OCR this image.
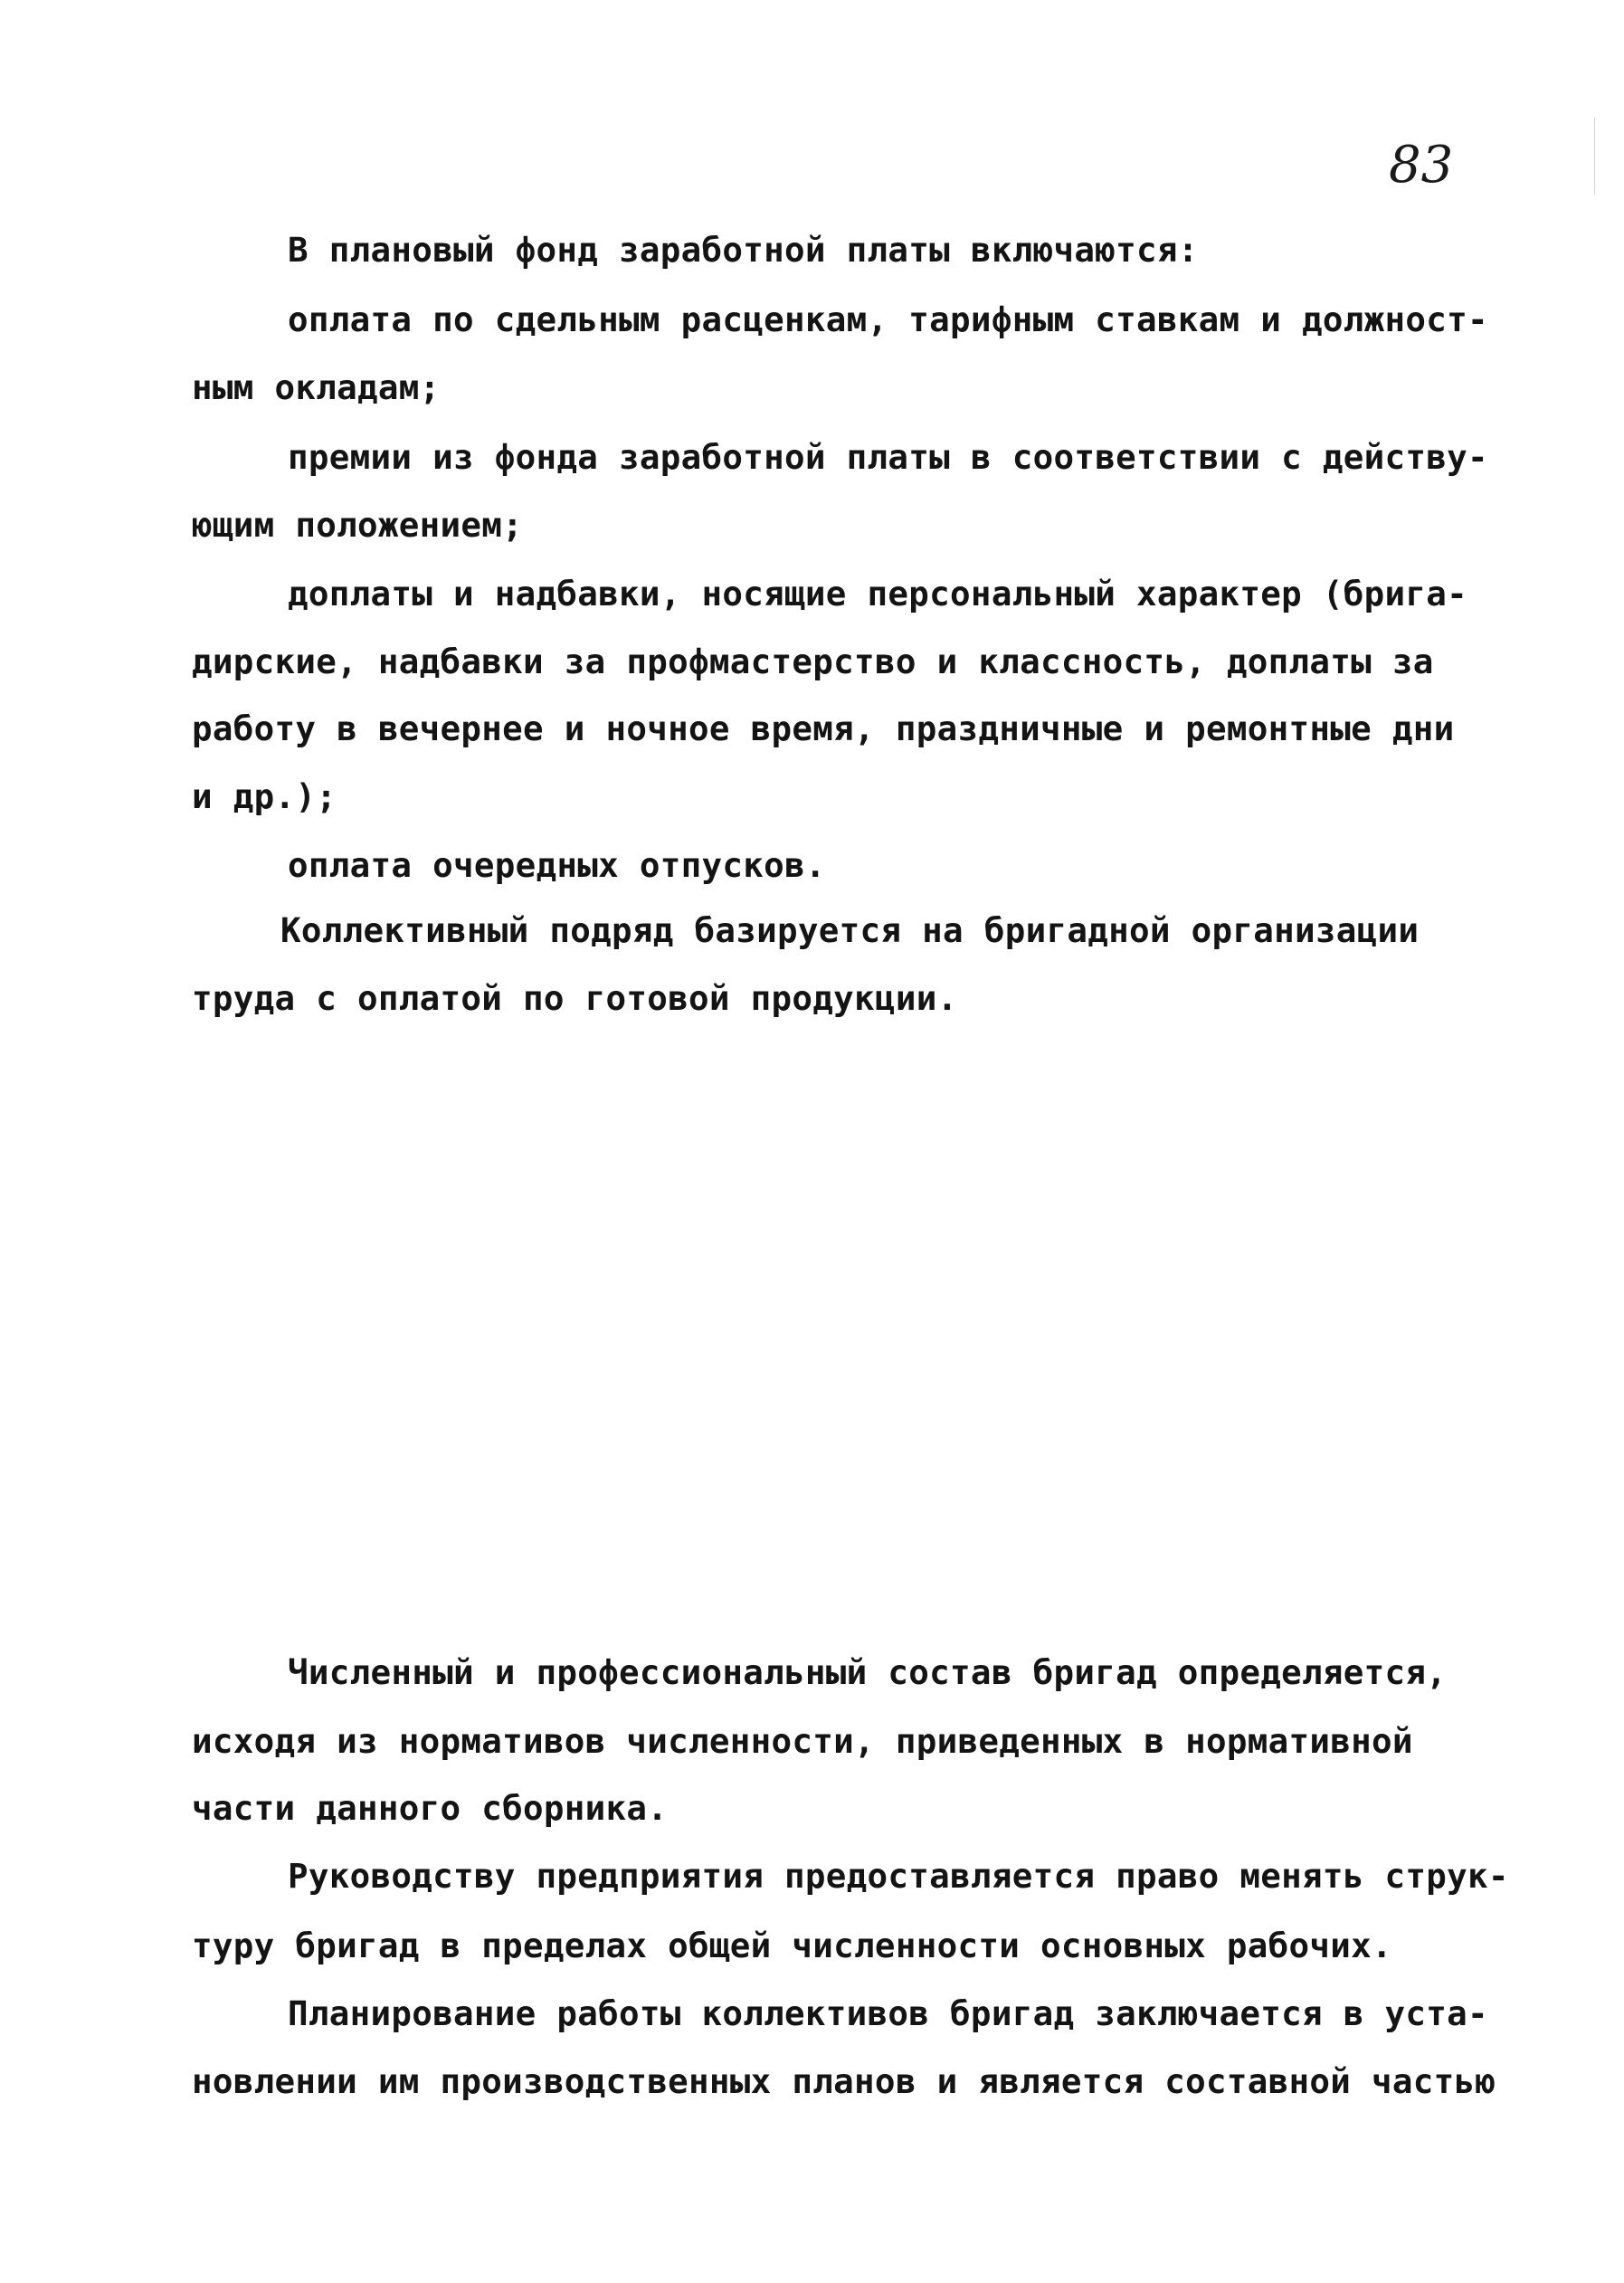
83
В плановый фонд заработной платы включаются:
оплата по сдельным расценкам, тарифным ставкам и должност-
ным окладам;
премии из фонда заработной платы в соответствии с действу-
ющим положением;
доплаты и надбавки, носящие персональный характер (брига-
дирские, надбавки за профмастерство и классность, доплаты за
работу в вечернее и ночное время, праздничные и ремонтные дни
и др.);
оплата очередных отпусков.
Коллективный подряд базируется на бригадной организации
труда с оплатой по готовой продукции.
Численный и профессиональный состав бригад определяется,
исходя из нормативов численности, приведенных в нормативной
части данного сборника.
Руководству предприятия предоставляется право менять струк-
туру бригад в пределах общей численности основных рабочих.
Планирование работы коллективов бригад заключается в уста-
новлении им производственных планов и является составной частью
